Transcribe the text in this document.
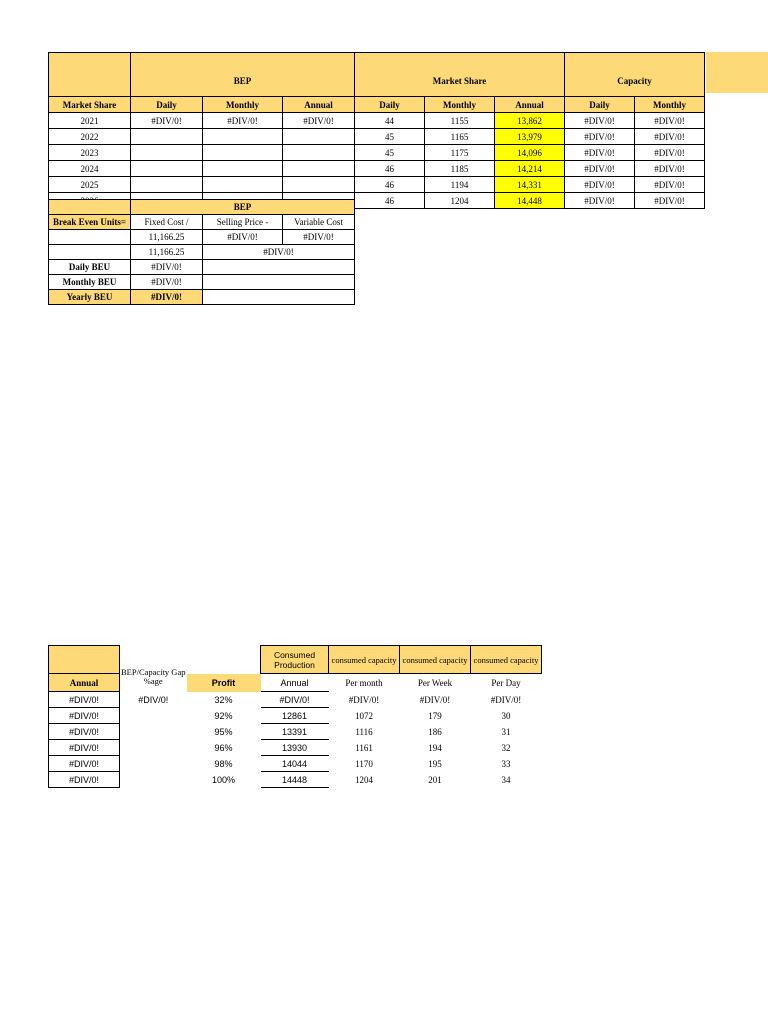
	BEP			Market Share			Capacity	
Market Share	Daily	Monthly	Annual	Daily	Monthly	Annual	Daily	Monthly
2021	#DIV/0!	#DIV/0!	#DIV/0!	44	1155	13,862	#DIV/0!	#DIV/0!
2022				45	1165	13,979	#DIV/0!	#DIV/0!
2023				45	1175	14,096	#DIV/0!	#DIV/0!
2024				46	1185	14,214	#DIV/0!	#DIV/0!
2025				46	1194	14,331	#DIV/0!	#DIV/0!
				46	1204	14,448	#DIV/0!	#DIV/0!
	BEP		
Break Even Units=	Fixed Cost /	Selling Price -	Variable Cost
	11,166.25	#DIV/0!	#DIV/0!
	11,166.25	#DIV/0!	
Daily BEU	#DIV/0!		
Monthly BEU	#DIV/0!		
Yearly BEU	#DIV/0!		
			Consumed Production	consumed capacity	consumed capacity	consumed capacity
Annual	BEP/Capacity Gap %age	Profit	Annual	Per month	Per Week	Per Day
#DIV/0!	#DIV/0!	32%	#DIV/0!	#DIV/0!	#DIV/0!	#DIV/0!
#DIV/0!		92%	12861	1072	179	30
#DIV/0!		95%	13391	1116	186	31
#DIV/0!		96%	13930	1161	194	32
#DIV/0!		98%	14044	1170	195	33
#DIV/0!		100%	14448	1204	201	34
